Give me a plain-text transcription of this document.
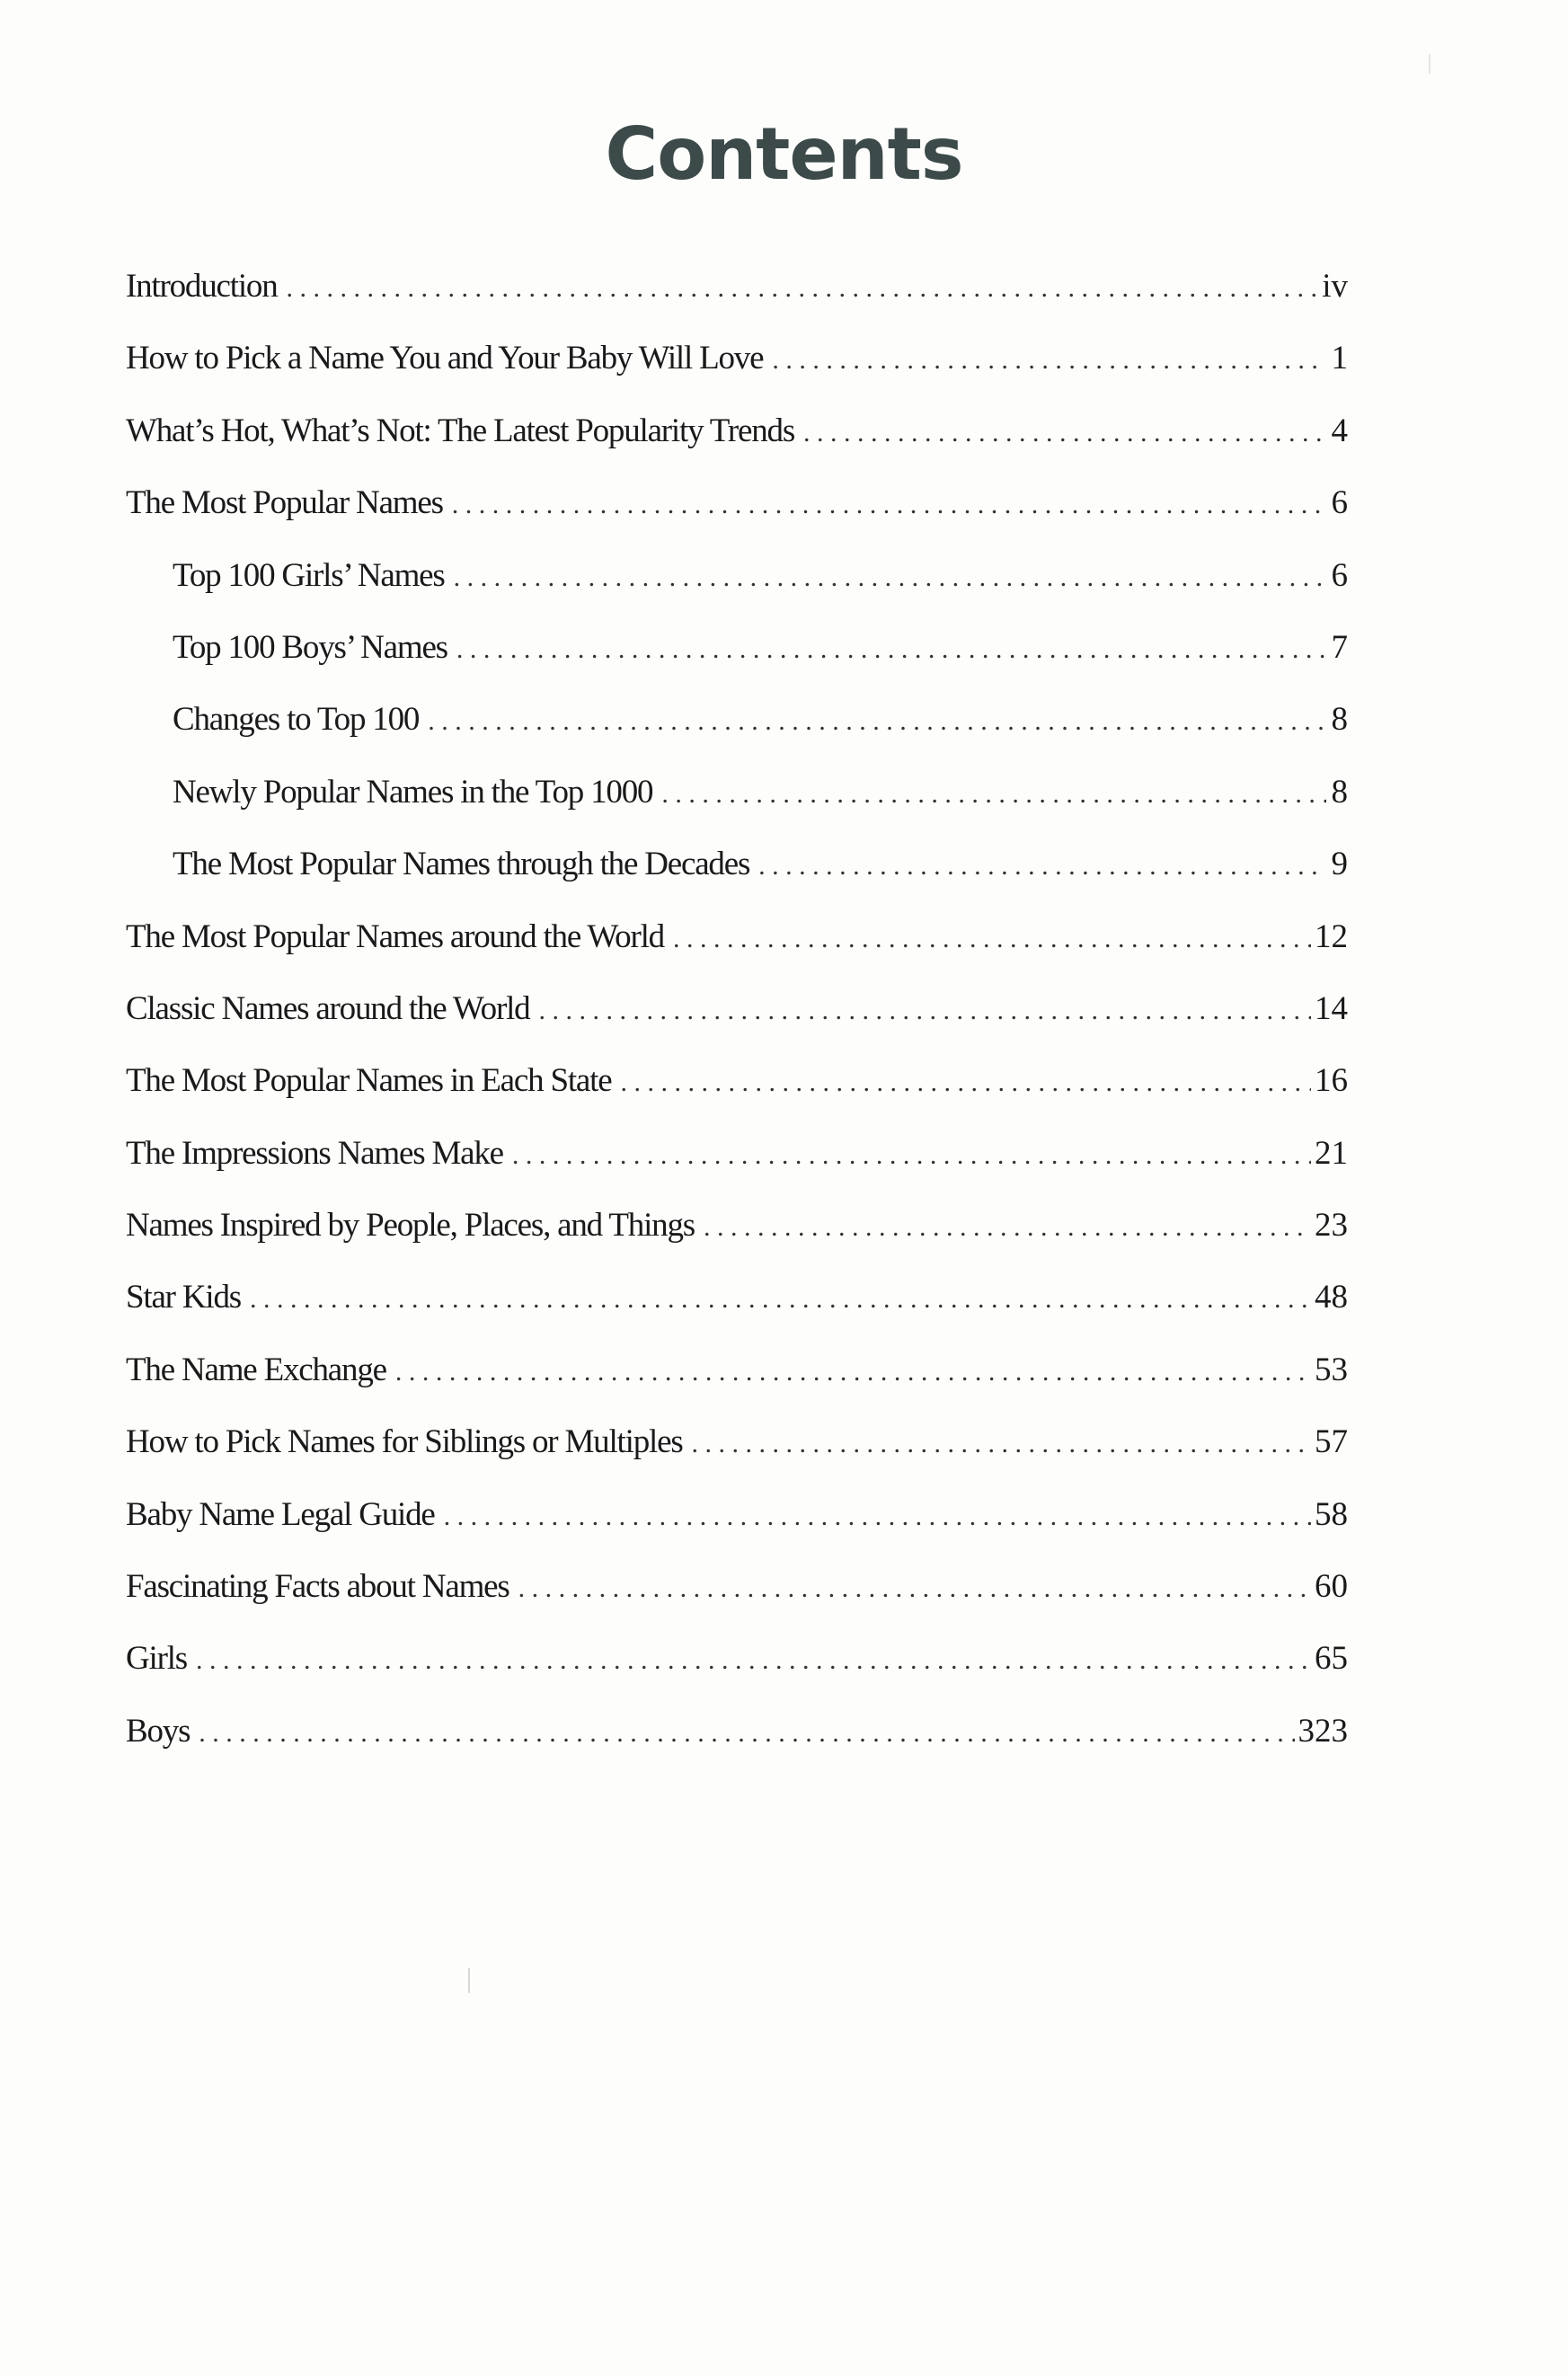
Contents
Introduction . . .	iv
How to Pick a Name You and Your Baby Will Love . . .	1
What’s Hot, What’s Not: The Latest Popularity Trends . . .	4
The Most Popular Names . . .	6
Top 100 Girls’ Names . . .	6
Top 100 Boys’ Names . . .	7
Changes to Top 100 . . .	8
Newly Popular Names in the Top 1000 . . .	8
The Most Popular Names through the Decades . . .	9
The Most Popular Names around the World . . .	12
Classic Names around the World . . .	14
The Most Popular Names in Each State . . .	16
The Impressions Names Make . . .	21
Names Inspired by People, Places, and Things . . .	23
Star Kids . . .	48
The Name Exchange . . .	53
How to Pick Names for Siblings or Multiples . . .	57
Baby Name Legal Guide . . .	58
Fascinating Facts about Names . . .	60
Girls . . .	65
Boys . . .	323
